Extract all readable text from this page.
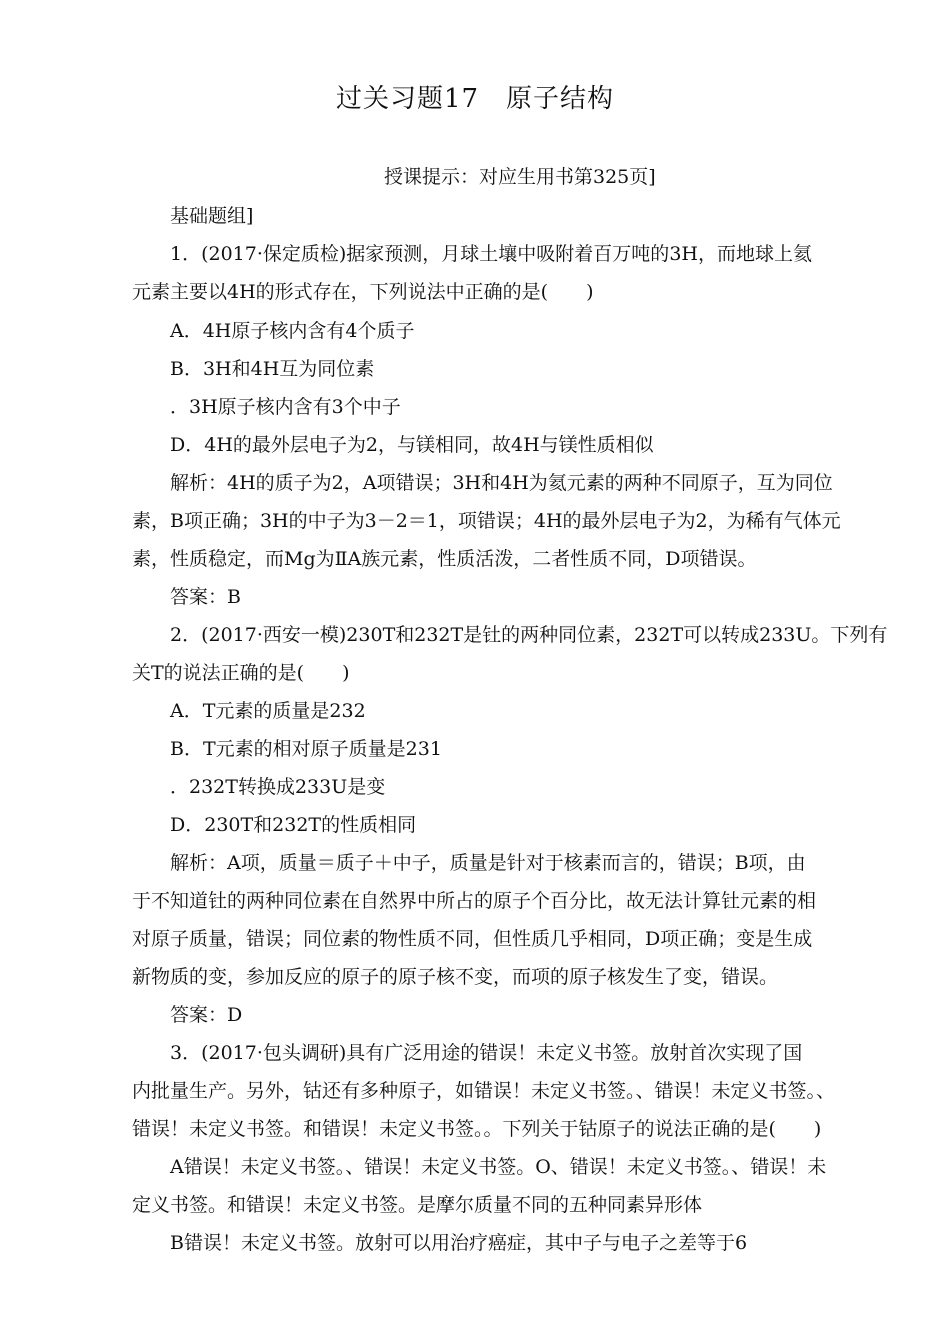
过关习题17　原子结构
授课提示：对应生用书第325页]
基础题组]
1．(2017·保定质检)据家预测，月球土壤中吸附着百万吨的3H，而地球上氦
元素主要以4H的形式存在，下列说法中正确的是(　　)
A．4H原子核内含有4个质子
B．3H和4H互为同位素
．3H原子核内含有3个中子
D．4H的最外层电子为2，与镁相同，故4H与镁性质相似
解析：4H的质子为2，A项错误；3H和4H为氦元素的两种不同原子，互为同位
素，B项正确；3H的中子为3－2＝1，项错误；4H的最外层电子为2，为稀有气体元
素，性质稳定，而Mg为ⅡA族元素，性质活泼，二者性质不同，D项错误。
答案：B
2．(2017·西安一模)230T和232T是钍的两种同位素，232T可以转成233U。下列有
关T的说法正确的是(　　)
A．T元素的质量是232
B．T元素的相对原子质量是231
．232T转换成233U是变
D．230T和232T的性质相同
解析：A项，质量＝质子＋中子，质量是针对于核素而言的，错误；B项，由
于不知道钍的两种同位素在自然界中所占的原子个百分比，故无法计算钍元素的相
对原子质量，错误；同位素的物性质不同，但性质几乎相同，D项正确；变是生成
新物质的变，参加反应的原子的原子核不变，而项的原子核发生了变，错误。
答案：D
3．(2017·包头调研)具有广泛用途的错误！未定义书签。放射首次实现了国
内批量生产。另外，钴还有多种原子，如错误！未定义书签。、错误！未定义书签。、
错误！未定义书签。和错误！未定义书签。。下列关于钴原子的说法正确的是(　　)
A错误！未定义书签。、错误！未定义书签。O、错误！未定义书签。、错误！未
定义书签。和错误！未定义书签。是摩尔质量不同的五种同素异形体
B错误！未定义书签。放射可以用治疗癌症，其中子与电子之差等于6
